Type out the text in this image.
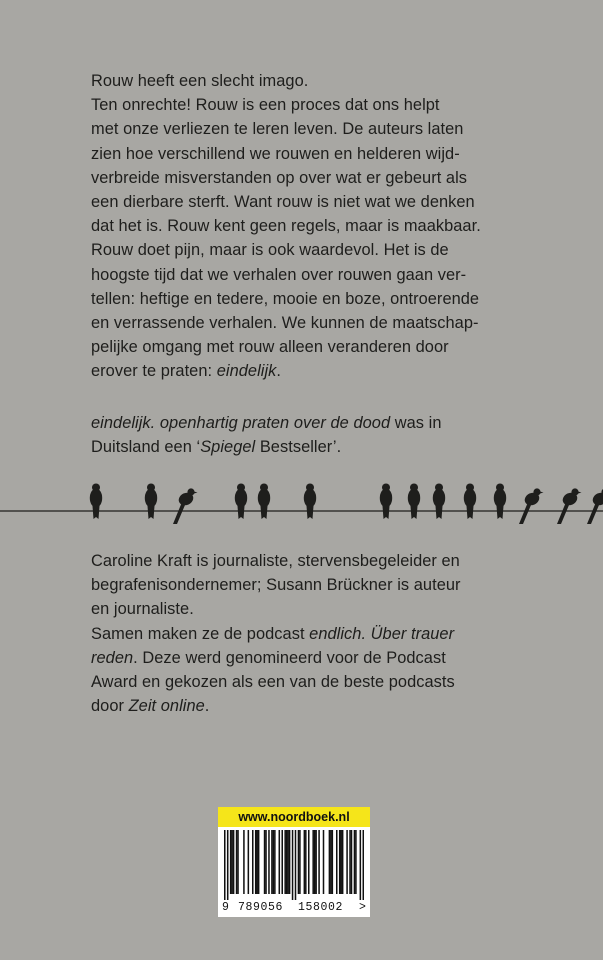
Rouw heeft een slecht imago.

Ten onrechte! Rouw is een proces dat ons helpt

met onze verliezen te leren leven. De auteurs laten

zien hoe verschillend we rouwen en helderen wijd-

verbreide misverstanden op over wat er gebeurt als

een dierbare sterft. Want rouw is niet wat we denken

dat het is. Rouw kent geen regels, maar is maakbaar.

Rouw doet pijn, maar is ook waardevol. Het is de

hoogste tijd dat we verhalen over rouwen gaan ver-

tellen: heftige en tedere, mooie en boze, ontroerende

en verrassende verhalen. We kunnen de maatschap-

pelijke omgang met rouw alleen veranderen door

erover te praten: eindelijk.

eindelijk. openhartig praten over de dood was in

Duitsland een ‘Spiegel Bestseller’.

Caroline Kraft is journaliste, stervensbegeleider en

begrafenisondernemer; Susann Brückner is auteur

en journaliste.

Samen maken ze de podcast endlich. Über trauer

reden. Deze werd genomineerd voor de Podcast

Award en gekozen als een van de beste podcasts

door Zeit online.

www.noordboek.nl
9 789056 158002 >
